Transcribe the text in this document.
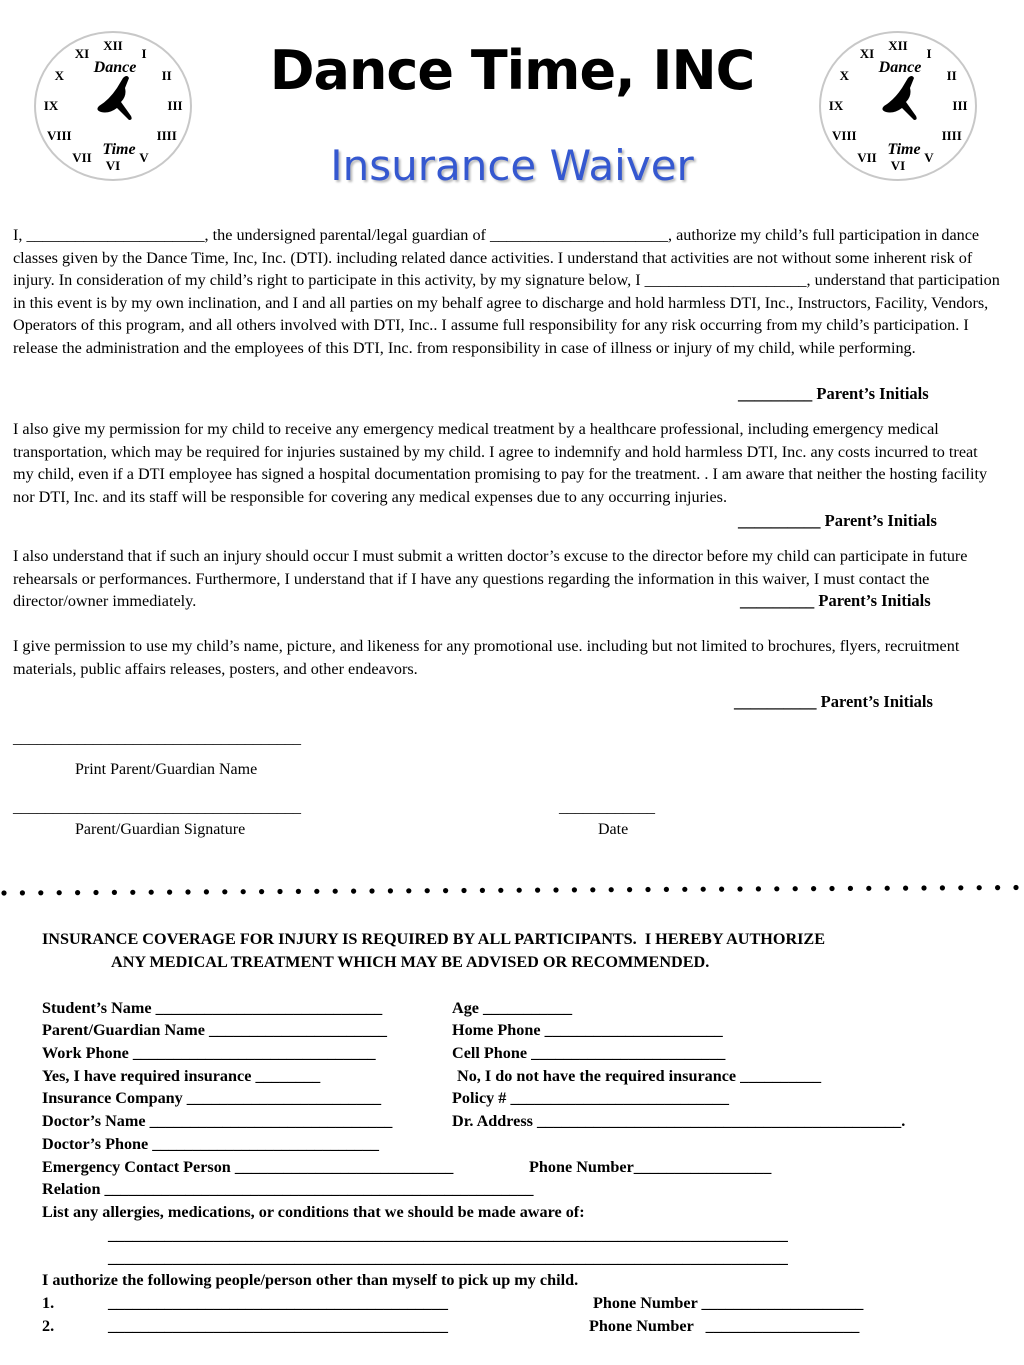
XII
I
II
III
IIII
V
VI
VII
VIII
IX
X
XI
Dance
Time
XII
I
II
III
IIII
V
VI
VII
VIII
IX
X
XI
Dance
Time
Dance Time, INC
Insurance Waiver
I, ______________________, the undersigned parental/legal guardian of ______________________, authorize my child’s full participation in dance classes given by the Dance Time, Inc, Inc. (DTI). including related dance activities. I understand that activities are not without some inherent risk of injury. In consideration of my child’s right to participate in this activity, by my signature below, I ____________________, understand that participation in this event is by my own inclination, and I and all parties on my behalf agree to discharge and hold harmless DTI, Inc., Instructors, Facility, Vendors, Operators of this program, and all others involved with DTI, Inc.. I assume full responsibility for any risk occurring from my child’s participation. I release the administration and the employees of this DTI, Inc. from responsibility in case of illness or injury of my child, while performing.
_________ Parent’s Initials
I also give my permission for my child to receive any emergency medical treatment by a healthcare professional, including emergency medical transportation, which may be required for injuries sustained by my child. I agree to indemnify and hold harmless DTI, Inc. any costs incurred to treat my child, even if a DTI employee has signed a hospital documentation promising to pay for the treatment. . I am aware that neither the hosting facility nor DTI, Inc. and its staff will be responsible for covering any medical expenses due to any occurring injuries.
__________ Parent’s Initials
I also understand that if such an injury should occur I must submit a written doctor’s excuse to the director before my child can participate in future rehearsals or performances. Furthermore, I understand that if I have any questions regarding the information in this waiver, I must contact the director/owner immediately.	_________ Parent’s Initials
I give permission to use my child’s name, picture, and likeness for any promotional use. including but not limited to brochures, flyers, recruitment materials, public affairs releases, posters, and other endeavors.
__________ Parent’s Initials
____________________________________
Print Parent/Guardian Name
____________________________________	____________
Parent/Guardian Signature	Date
INSURANCE COVERAGE FOR INJURY IS REQUIRED BY ALL PARTICIPANTS.  I HEREBY AUTHORIZE
ANY MEDICAL TREATMENT WHICH MAY BE ADVISED OR RECOMMENDED.
Student’s Name ____________________________	Age ___________
Parent/Guardian Name ______________________	Home Phone ______________________
Work Phone ______________________________	Cell Phone ________________________
Yes, I have required insurance ________	No, I do not have the required insurance __________
Insurance Company ________________________	Policy # ___________________________
Doctor’s Name ______________________________	Dr. Address _____________________________________________.
Doctor’s Phone ____________________________
Emergency Contact Person ___________________________	Phone Number_________________
Relation _____________________________________________________
List any allergies, medications, or conditions that we should be made aware of:
____________________________________________________________________________________
____________________________________________________________________________________
I authorize the following people/person other than myself to pick up my child.
1.	__________________________________________	Phone Number ____________________
2.	__________________________________________	Phone Number   ___________________
